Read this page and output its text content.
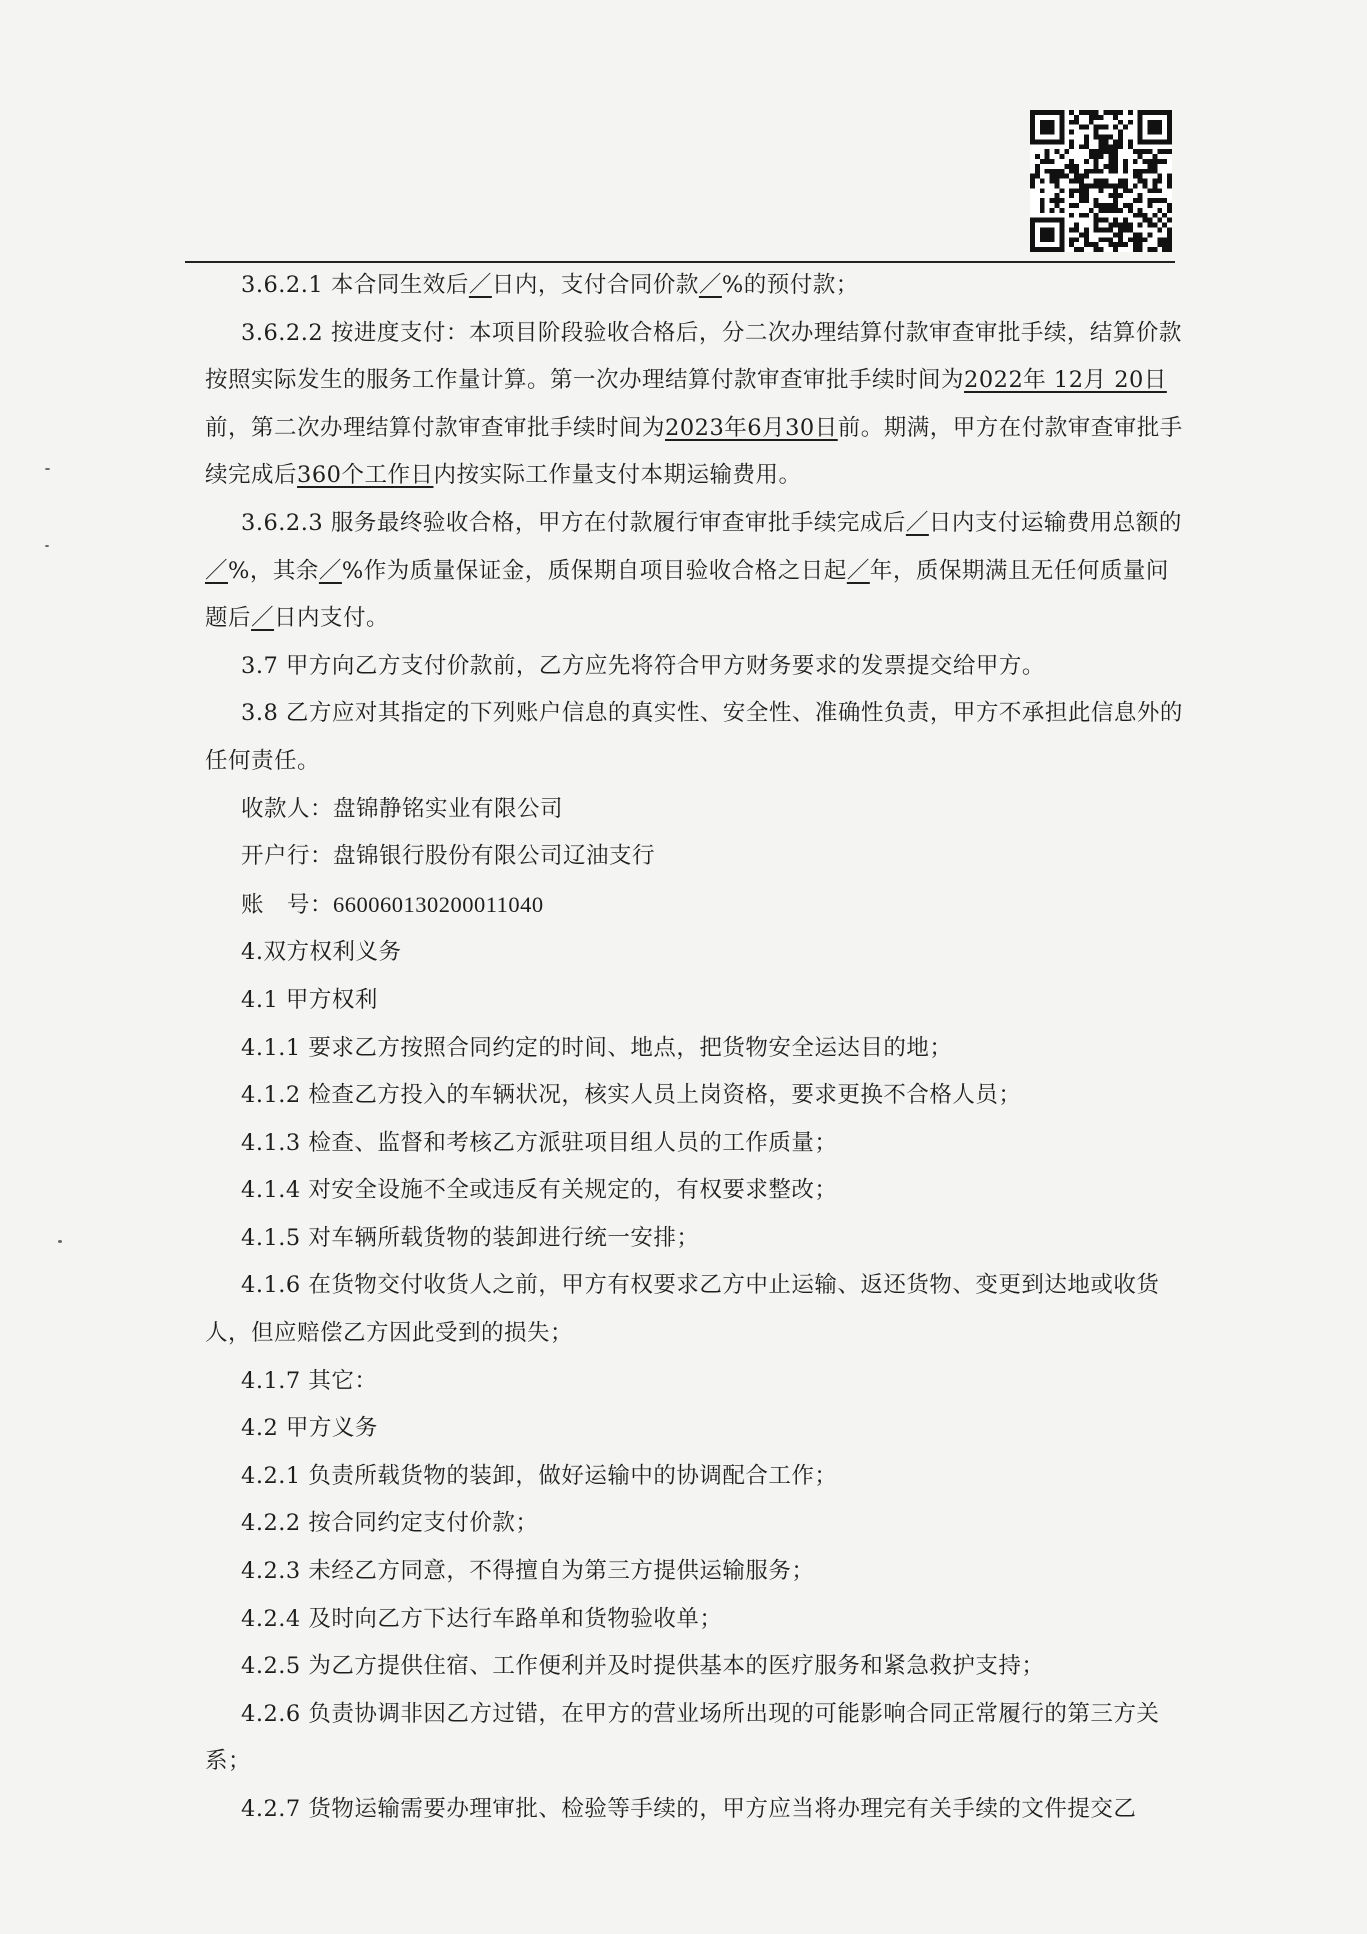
3.6.2.1 本合同生效后／日内，支付合同价款／%的预付款；

3.6.2.2 按进度支付：本项目阶段验收合格后，分二次办理结算付款审查审批手续，结算价款按照实际发生的服务工作量计算。第一次办理结算付款审查审批手续时间为2022年 12月 20日前，第二次办理结算付款审查审批手续时间为2023年6月30日前。期满，甲方在付款审查审批手续完成后360个工作日内按实际工作量支付本期运输费用。

3.6.2.3 服务最终验收合格，甲方在付款履行审查审批手续完成后／日内支付运输费用总额的／%，其余／%作为质量保证金，质保期自项目验收合格之日起／年，质保期满且无任何质量问题后／日内支付。

3.7 甲方向乙方支付价款前，乙方应先将符合甲方财务要求的发票提交给甲方。

3.8 乙方应对其指定的下列账户信息的真实性、安全性、准确性负责，甲方不承担此信息外的任何责任。

收款人：盘锦静铭实业有限公司

开户行：盘锦银行股份有限公司辽油支行

账　号：660060130200011040

4.双方权利义务

4.1 甲方权利

4.1.1 要求乙方按照合同约定的时间、地点，把货物安全运达目的地；

4.1.2 检查乙方投入的车辆状况，核实人员上岗资格，要求更换不合格人员；

4.1.3 检查、监督和考核乙方派驻项目组人员的工作质量；

4.1.4 对安全设施不全或违反有关规定的，有权要求整改；

4.1.5 对车辆所载货物的装卸进行统一安排；

4.1.6 在货物交付收货人之前，甲方有权要求乙方中止运输、返还货物、变更到达地或收货人，但应赔偿乙方因此受到的损失；

4.1.7 其它：

4.2 甲方义务

4.2.1 负责所载货物的装卸，做好运输中的协调配合工作；

4.2.2 按合同约定支付价款；

4.2.3 未经乙方同意，不得擅自为第三方提供运输服务；

4.2.4 及时向乙方下达行车路单和货物验收单；

4.2.5 为乙方提供住宿、工作便利并及时提供基本的医疗服务和紧急救护支持；

4.2.6 负责协调非因乙方过错，在甲方的营业场所出现的可能影响合同正常履行的第三方关系；

4.2.7 货物运输需要办理审批、检验等手续的，甲方应当将办理完有关手续的文件提交乙
